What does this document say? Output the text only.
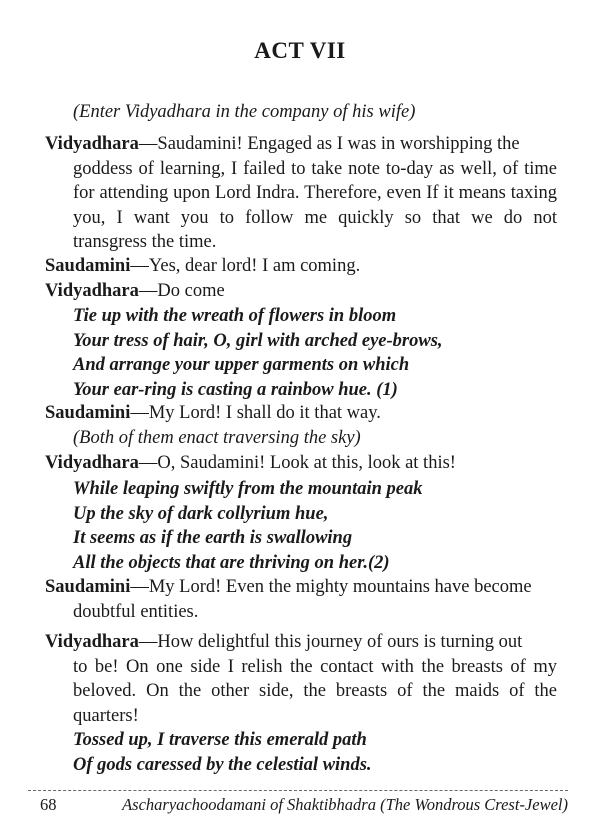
ACT VII
(Enter Vidyadhara in the company of his wife)
Vidyadhara—Saudamini! Engaged as I was in worshipping the
goddess of learning, I failed to take note to-day as well, of time for attending upon Lord Indra. Therefore, even If it means taxing you, I want you to follow me quickly so that we do not transgress the time.
Saudamini—Yes, dear lord! I am coming.
Vidyadhara—Do come
Tie up with the wreath of flowers in bloom
Your tress of hair, O, girl with arched eye-brows,
And arrange your upper garments on which
Your ear-ring is casting a rainbow hue. (1)
Saudamini—My Lord! I shall do it that way.
(Both of them enact traversing the sky)
Vidyadhara—O, Saudamini! Look at this, look at this!
While leaping swiftly from the mountain peak
Up the sky of dark collyrium hue,
It seems as if the earth is swallowing
All the objects that are thriving on her.(2)
Saudamini—My Lord! Even the mighty mountains have become
doubtful entities.
Vidyadhara—How delightful this journey of ours is turning out
to be! On one side I relish the contact with the breasts of my beloved. On the other side, the breasts of the maids of the quarters!
Tossed up, I traverse this emerald path
Of gods caressed by the celestial winds.
68	Ascharyachoodamani of Shaktibhadra (The Wondrous Crest-Jewel)
